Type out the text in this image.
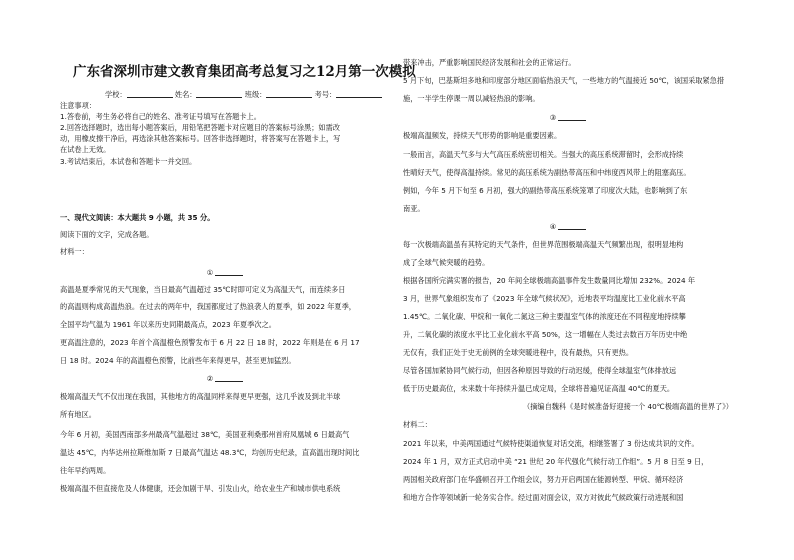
广东省深圳市建文教育集团高考总复习之12月第一次模拟
学校：	姓名：	班级：	考号：
注意事项：
1.答卷前，考生务必将自己的姓名、准考证号填写在答题卡上。
2.回答选择题时，选出每小题答案后，用铅笔把答题卡对应题目的答案标号涂黑；如需改
动，用橡皮擦干净后，再选涂其他答案标号。回答非选择题时，将答案写在答题卡上，写
在试卷上无效。
3.考试结束后，本试卷和答题卡一并交回。
一、现代文阅读：本大题共 9 小题，共 35 分。
阅读下面的文字，完成各题。
材料一：
①
高温是夏季常见的天气现象，当日最高气温超过 35℃时即可定义为高温天气，而连续多日
的高温则构成高温热浪。在过去的两年中，我国都度过了热浪袭人的夏季，如 2022 年夏季，
全国平均气温为 1961 年以来历史同期最高点，2023 年夏季次之。
更高温注意的，2023 年首个高温橙色预警发布于 6 月 22 日 18 时，2022 年则是在 6 月 17
日 18 时。2024 年的高温橙色预警，比前些年来得更早，甚至更加猛烈。
②
极端高温天气不仅出现在我国，其他地方的高温同样来得更早更强，这几乎波及到北半球
所有地区。
今年 6 月初，美国西南部多州最高气温超过 38℃，美国亚利桑那州首府凤凰城 6 日最高气
温达 45℃，内华达州拉斯维加斯 7 日最高气温达 48.3℃，均创历史纪录，直高温出现时间比
往年早约两周。
极端高温不但直接危及人体健康，还会加剧干旱、引发山火，给农业生产和城市供电系统
带来冲击，严重影响国民经济发展和社会的正常运行。
5 月下旬，巴基斯坦多地和印度部分地区面临热浪天气，一些地方的气温接近 50℃，该国采取紧急措
施，一半学生停课一周以减轻热浪的影响。
③
极端高温频发，持续天气形势的影响是重要因素。
一般而言，高温天气多与大气高压系统密切相关。当强大的高压系统滞留时，会形成持续
性晴好天气，使得高温持续。常见的高压系统为副热带高压和中纬度西风带上的阻塞高压。
例如，今年 5 月下旬至 6 月初，强大的副热带高压系统笼罩了印度次大陆，也影响到了东
南亚。
④
每一次极端高温虽有其特定的天气条件，但世界范围极端高温天气频繁出现，很明显地构
成了全球气候突暖的趋势。
根据各国所完满实署的报告，20 年间全球极端高温事件发生数量同比增加 232%。2024 年
3 月，世界气象组织发布了《2023 年全球气候状况》，近地表平均温度比工业化前水平高
1.45℃。二氧化碳、甲烷和一氧化二氮这三种主要温室气体的浓度还在不同程度地持续攀
升，二氧化碳的浓度水平比工业化前水平高 50%，这一增幅在人类过去数百万年历史中绝
无仅有，我们正处于史无前例的全球突暖进程中，没有最热，只有更热。
尽管各国加紧协同气候行动，但因各种原因导致的行动迟缓，使得全球温室气体排放远
低于历史最高位，未来数十年持续升温已成定局，全球将普遍见证高温 40℃的夏天。
（摘编自魏科《是时候准备好迎接一个 40℃极端高温的世界了》）
材料二：
2021 年以来，中美两国通过气候特使渠道恢复对话交流，相继签署了 3 份达成共识的文件。
2024 年 1 月，双方正式启动中美 “21 世纪 20 年代强化气候行动工作组”。5 月 8 日至 9 日，
两国相关政府部门在华盛顿召开工作组会议，努力开启两国在能源转型、甲烷、循环经济
和地方合作等领域新一轮务实合作。经过面对面会议，双方对彼此气候政策行动进展和国
